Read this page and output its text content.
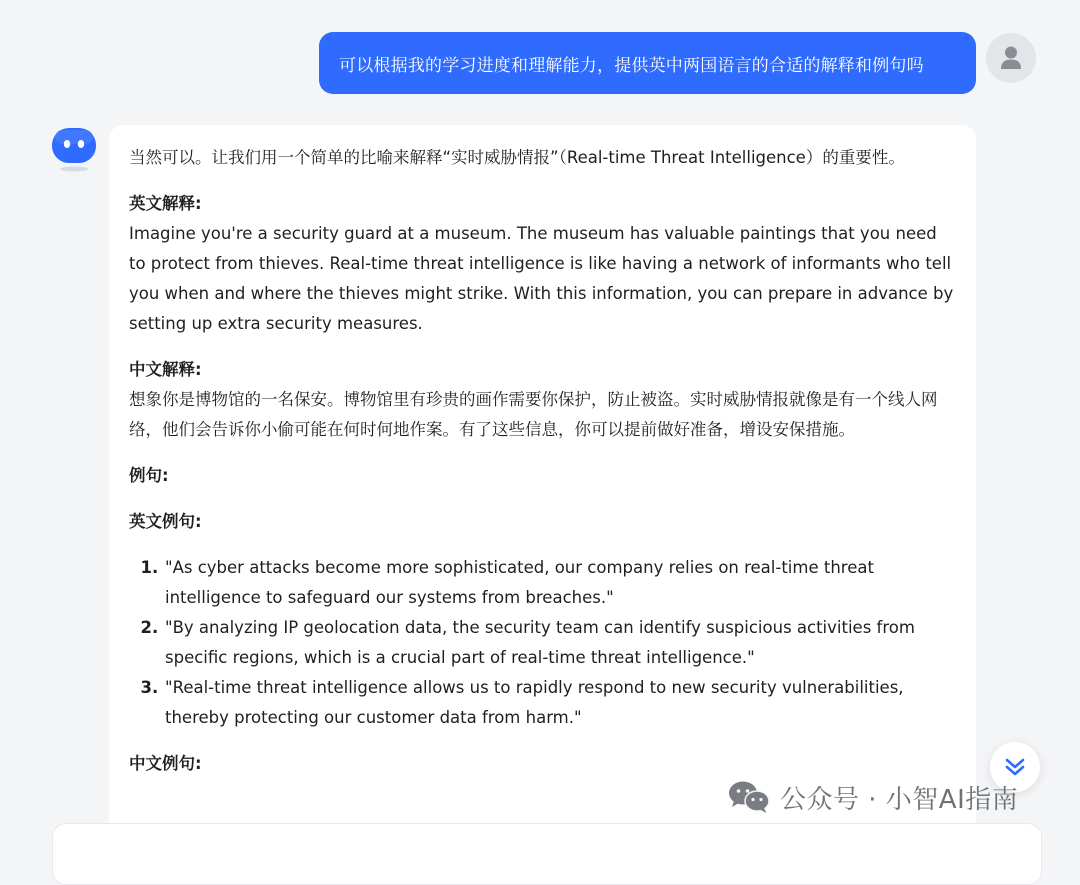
可以根据我的学习进度和理解能力，提供英中两国语言的合适的解释和例句吗

当然可以。让我们用一个简单的比喻来解释“实时威胁情报”（Real-time Threat Intelligence）的重要性。

英文解释:

Imagine you're a security guard at a museum. The museum has valuable paintings that you need to protect from thieves. Real-time threat intelligence is like having a network of informants who tell you when and where the thieves might strike. With this information, you can prepare in advance by setting up extra security measures.

中文解释:

想象你是博物馆的一名保安。博物馆里有珍贵的画作需要你保护，防止被盗。实时威胁情报就像是有一个线人网络，他们会告诉你小偷可能在何时何地作案。有了这些信息，你可以提前做好准备，增设安保措施。

例句:

英文例句:

1. "As cyber attacks become more sophisticated, our company relies on real-time threat intelligence to safeguard our systems from breaches."
2. "By analyzing IP geolocation data, the security team can identify suspicious activities from specific regions, which is a crucial part of real-time threat intelligence."
3. "Real-time threat intelligence allows us to rapidly respond to new security vulnerabilities, thereby protecting our customer data from harm."

中文例句:

公众号 · 小智AI指南
